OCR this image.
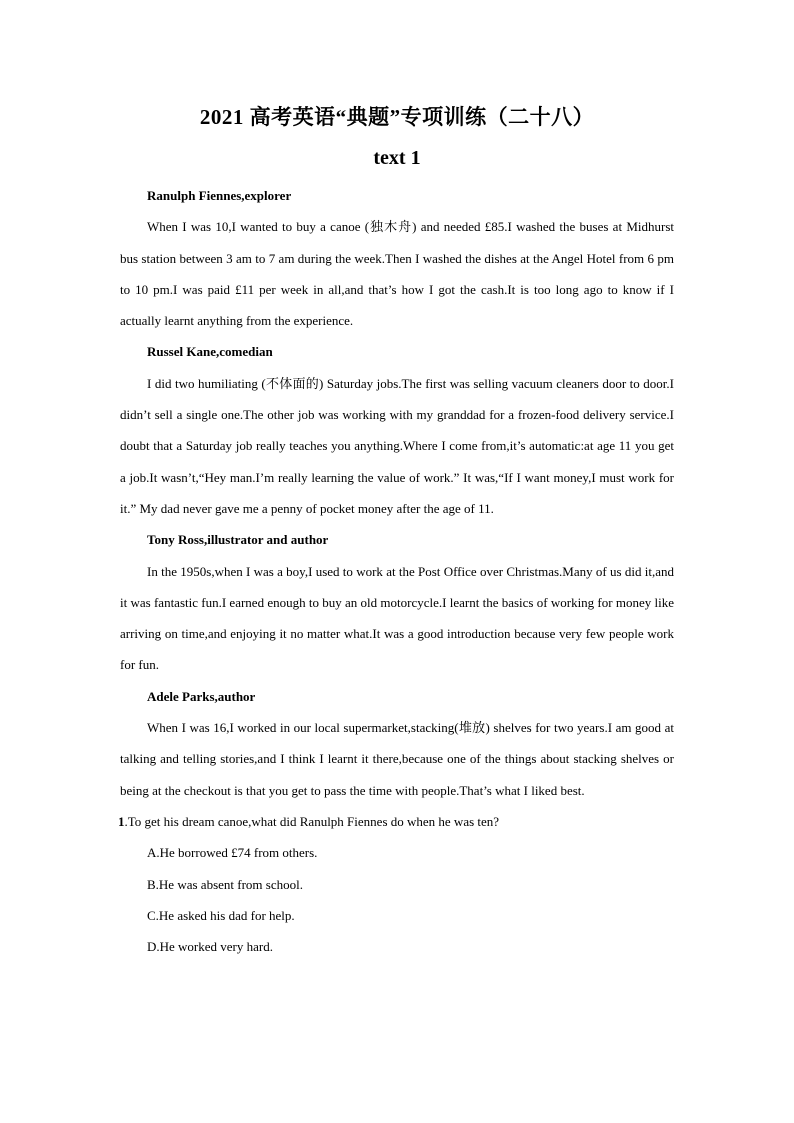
2021 高考英语“典题”专项训练（二十八）
text 1

Ranulph Fiennes,explorer

When I was 10,I wanted to buy a canoe (独木舟) and needed £85.I washed the buses at Midhurst bus station between 3 am to 7 am during the week.Then I washed the dishes at the Angel Hotel from 6 pm to 10 pm.I was paid £11 per week in all,and that’s how I got the cash.It is too long ago to know if I actually learnt anything from the experience.

Russel Kane,comedian

I did two humiliating (不体面的) Saturday jobs.The first was selling vacuum cleaners door to door.I didn’t sell a single one.The other job was working with my granddad for a frozen-food delivery service.I doubt that a Saturday job really teaches you anything.Where I come from,it’s automatic:at age 11 you get a job.It wasn’t,“Hey man.I’m really learning the value of work.” It was,“If I want money,I must work for it.” My dad never gave me a penny of pocket money after the age of 11.

Tony Ross,illustrator and author

In the 1950s,when I was a boy,I used to work at the Post Office over Christmas.Many of us did it,and it was fantastic fun.I earned enough to buy an old motorcycle.I learnt the basics of working for money like arriving on time,and enjoying it no matter what.It was a good introduction because very few people work for fun.

Adele Parks,author

When I was 16,I worked in our local supermarket,stacking(堆放) shelves for two years.I am good at talking and telling stories,and I think I learnt it there,because one of the things about stacking shelves or being at the checkout is that you get to pass the time with people.That’s what I liked best.

1.To get his dream canoe,what did Ranulph Fiennes do when he was ten?

A.He borrowed £74 from others.

B.He was absent from school.

C.He asked his dad for help.

D.He worked very hard.
